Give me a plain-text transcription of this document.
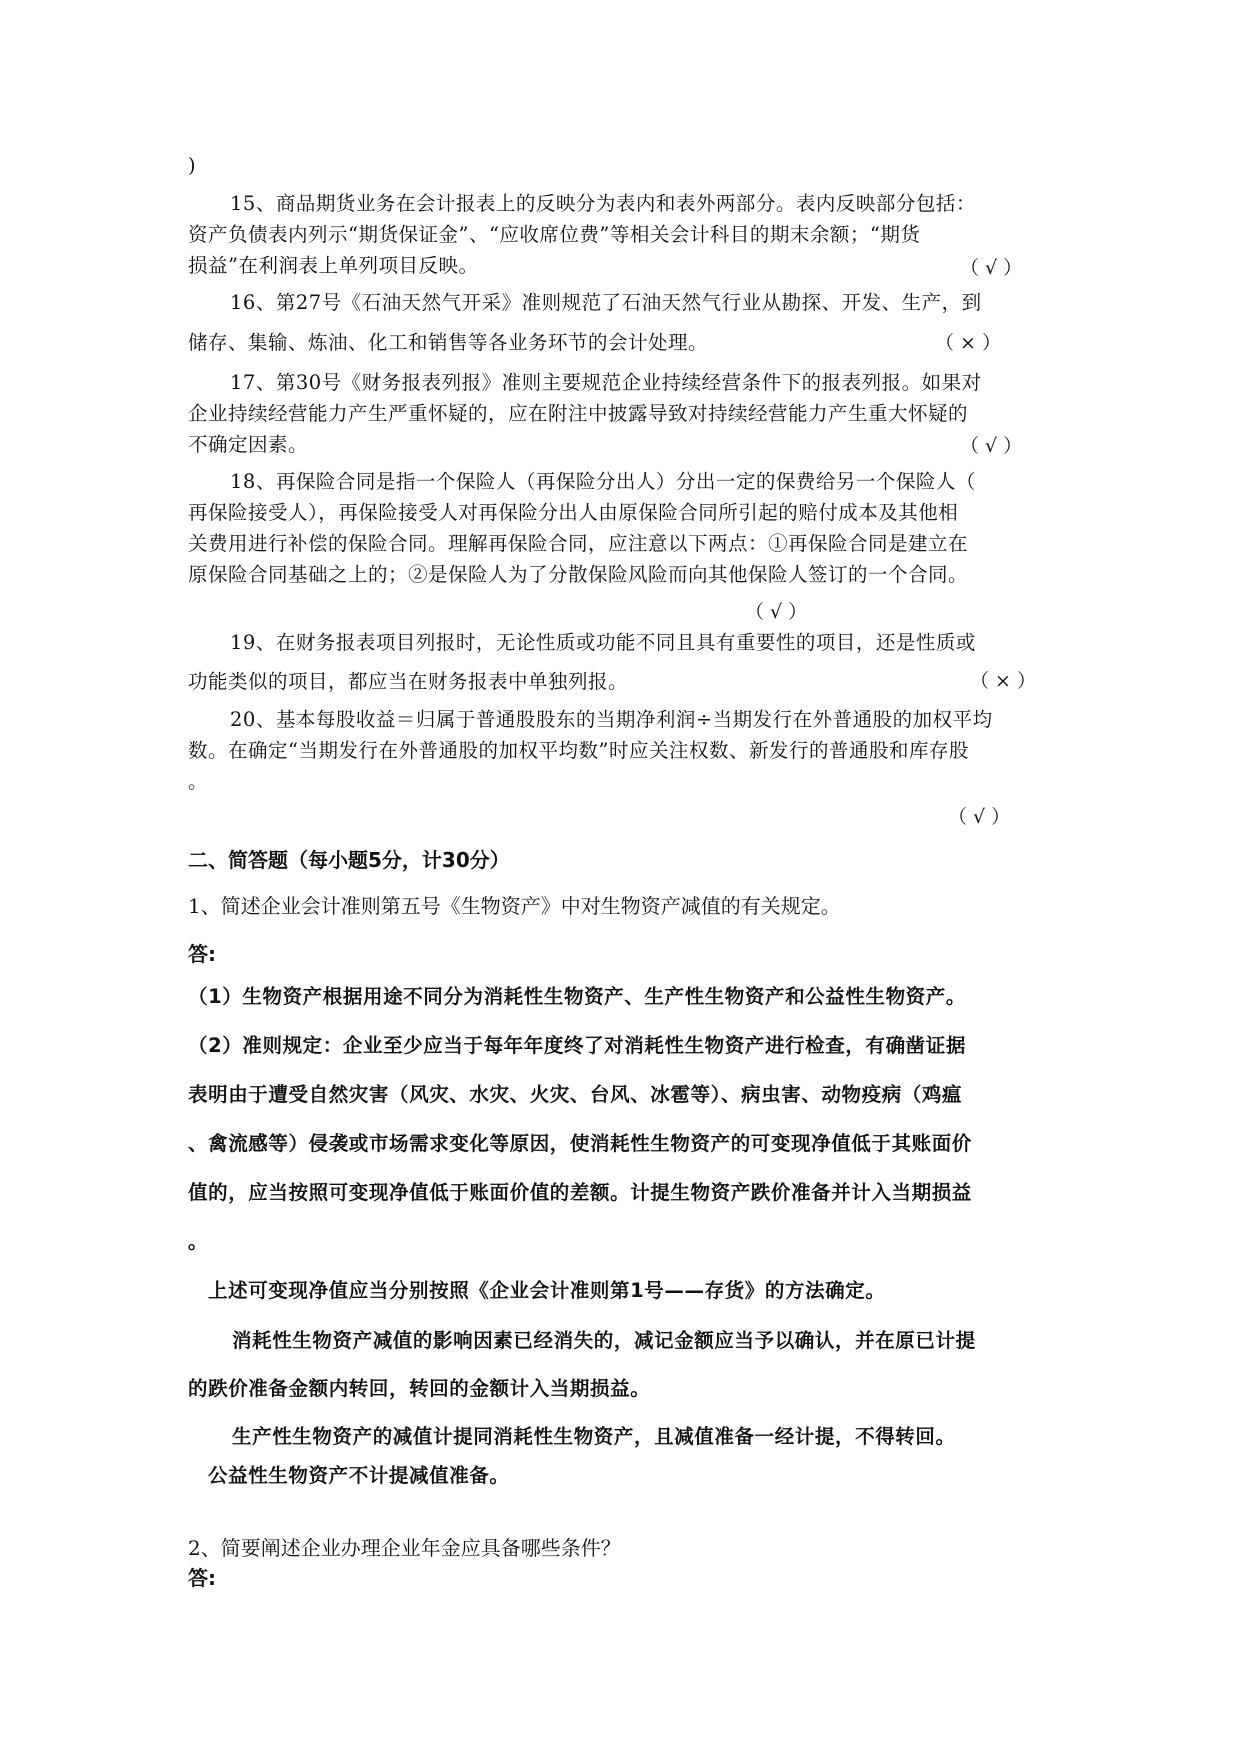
)
15、商品期货业务在会计报表上的反映分为表内和表外两部分。表内反映部分包括：
资产负债表内列示“期货保证金”、“应收席位费”等相关会计科目的期末余额；“期货
损益”在利润表上单列项目反映。	（ √ ）
16、第27号《石油天然气开采》准则规范了石油天然气行业从勘探、开发、生产，到
储存、集输、炼油、化工和销售等各业务环节的会计处理。	（ × ）
17、第30号《财务报表列报》准则主要规范企业持续经营条件下的报表列报。如果对
企业持续经营能力产生严重怀疑的，应在附注中披露导致对持续经营能力产生重大怀疑的
不确定因素。	（ √ ）
18、再保险合同是指一个保险人（再保险分出人）分出一定的保费给另一个保险人（
再保险接受人），再保险接受人对再保险分出人由原保险合同所引起的赔付成本及其他相
关费用进行补偿的保险合同。理解再保险合同，应注意以下两点：①再保险合同是建立在
原保险合同基础之上的；②是保险人为了分散保险风险而向其他保险人签订的一个合同。
（ √ ）
19、在财务报表项目列报时，无论性质或功能不同且具有重要性的项目，还是性质或
功能类似的项目，都应当在财务报表中单独列报。	（ × ）
20、基本每股收益＝归属于普通股股东的当期净利润÷当期发行在外普通股的加权平均
数。在确定“当期发行在外普通股的加权平均数”时应关注权数、新发行的普通股和库存股
。
（ √ ）
二、简答题（每小题5分，计30分）
1、简述企业会计准则第五号《生物资产》中对生物资产减值的有关规定。
答:
（1）生物资产根据用途不同分为消耗性生物资产、生产性生物资产和公益性生物资产。
（2）准则规定：企业至少应当于每年年度终了对消耗性生物资产进行检查，有确凿证据
表明由于遭受自然灾害（风灾、水灾、火灾、台风、冰雹等）、病虫害、动物疫病（鸡瘟
、禽流感等）侵袭或市场需求变化等原因，使消耗性生物资产的可变现净值低于其账面价
值的，应当按照可变现净值低于账面价值的差额。计提生物资产跌价准备并计入当期损益
。
上述可变现净值应当分别按照《企业会计准则第1号——存货》的方法确定。
消耗性生物资产减值的影响因素已经消失的，减记金额应当予以确认，并在原已计提
的跌价准备金额内转回，转回的金额计入当期损益。
生产性生物资产的减值计提同消耗性生物资产，且减值准备一经计提，不得转回。
公益性生物资产不计提减值准备。
2、简要阐述企业办理企业年金应具备哪些条件？
答:
